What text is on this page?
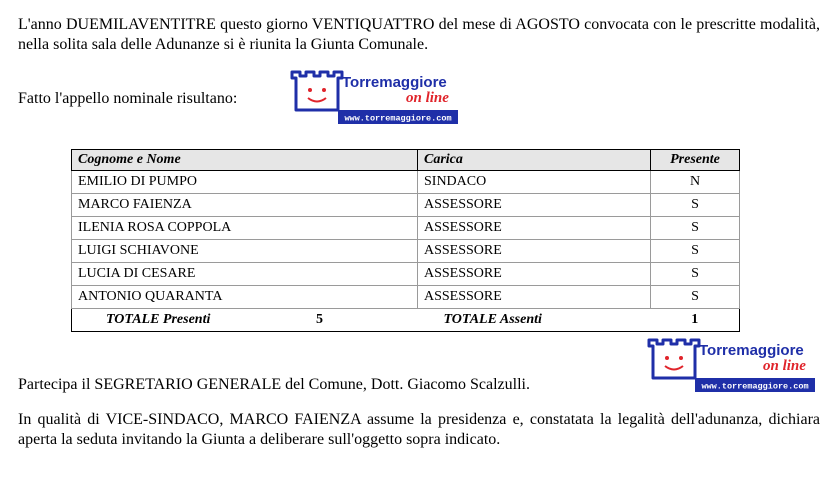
L'anno DUEMILAVENTITRE questo giorno VENTIQUATTRO del mese di AGOSTO convocata con le prescritte modalità, nella solita sala delle Adunanze si è riunita la Giunta Comunale.

Fatto l'appello nominale risultano:
Torremaggiore
on line
www.torremaggiore.com
Cognome e Nome	Carica	Presente
EMILIO DI PUMPO	SINDACO	N
MARCO FAIENZA	ASSESSORE	S
ILENIA ROSA COPPOLA	ASSESSORE	S
LUIGI SCHIAVONE	ASSESSORE	S
LUCIA DI CESARE	ASSESSORE	S
ANTONIO QUARANTA	ASSESSORE	S
TOTALE Presenti 5	TOTALE Assenti	1
Torremaggiore
on line
www.torremaggiore.com
Partecipa il SEGRETARIO GENERALE del Comune, Dott. Giacomo Scalzulli.

In qualità di VICE-SINDACO, MARCO FAIENZA assume la presidenza e, constatata la legalità dell'adunanza, dichiara aperta la seduta invitando la Giunta a deliberare sull'oggetto sopra indicato.
